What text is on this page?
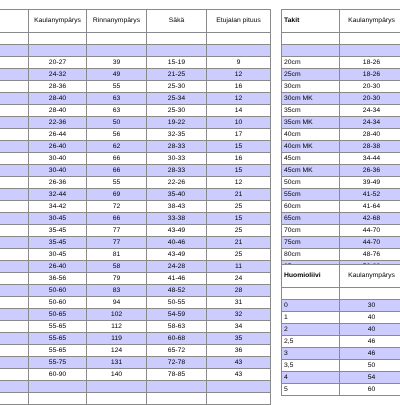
	Kaulanympärys	Rinnanympärys	Säkä	Etujalan pituus

	20-27	39	15-19	9
	24-32	49	21-25	12
	28-36	55	25-30	16
	28-40	63	25-34	12
	28-40	63	25-30	14
	22-36	50	19-22	10
	26-44	56	32-35	17
	26-40	62	28-33	15
	30-40	66	30-33	16
	30-40	66	28-33	15
	26-36	55	22-26	12
	32-44	69	35-40	21
	34-42	72	38-43	25
	30-45	66	33-38	15
	35-45	77	43-49	25
	35-45	77	40-46	21
	30-45	81	43-49	25
	26-40	58	24-28	11
	36-56	79	41-46	24
	50-60	83	48-52	28
	50-60	94	50-55	31
	50-65	102	54-59	32
	55-65	112	58-63	34
	55-65	119	60-68	35
	55-65	124	65-72	36
	55-75	131	72-78	43
	60-90	140	78-85	43

Takit	Kaulanympärys

20cm	18-26
25cm	18-26
30cm	20-30
30cm MK	20-30
35cm	24-34
35cm MK	24-34
40cm	28-40
40cm MK	28-38
45cm	34-44
45cm MK	26-36
50cm	39-49
55cm	41-52
60cm	41-64
65cm	42-68
70cm	44-70
75cm	44-70
80cm	48-76

Huomioliivi	Kaulanympärys

0	30
1	40
2	40
2,5	46
3	46
3,5	50
4	54
5	60
